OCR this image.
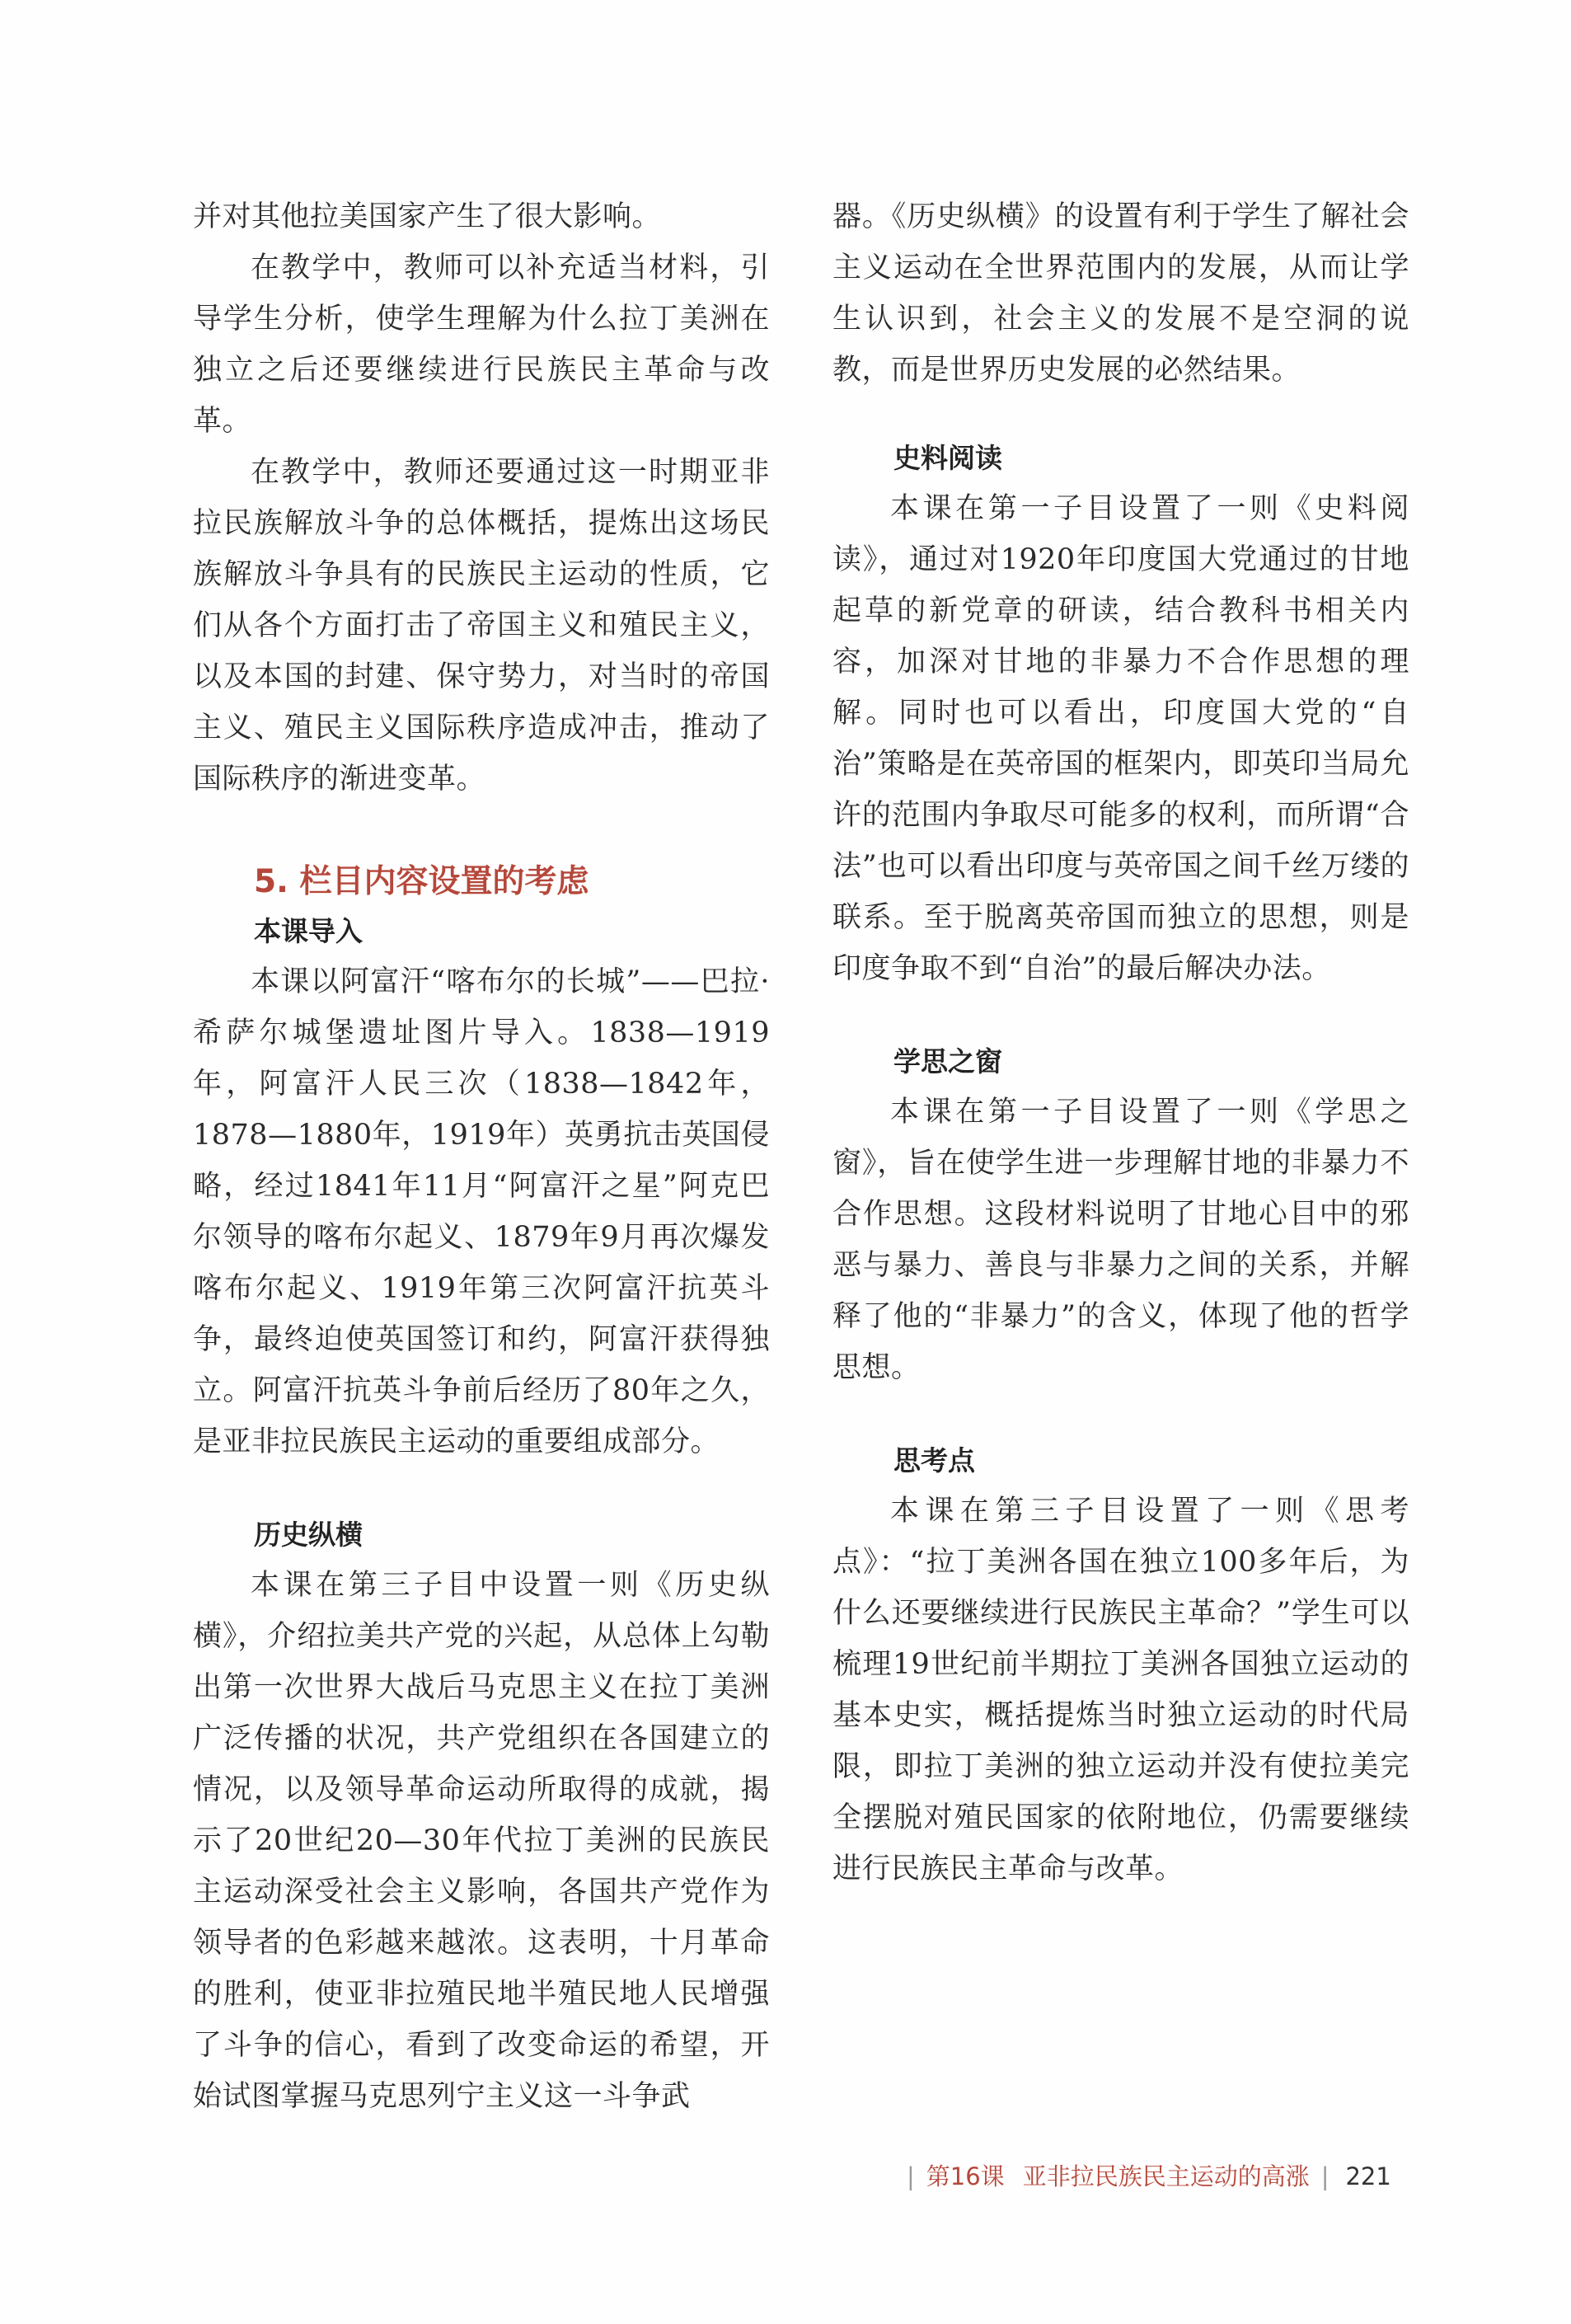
并对其他拉美国家产生了很大影响。

在教学中，教师可以补充适当材料，引导学生分析，使学生理解为什么拉丁美洲在独立之后还要继续进行民族民主革命与改革。

在教学中，教师还要通过这一时期亚非拉民族解放斗争的总体概括，提炼出这场民族解放斗争具有的民族民主运动的性质，它们从各个方面打击了帝国主义和殖民主义，以及本国的封建、保守势力，对当时的帝国主义、殖民主义国际秩序造成冲击，推动了国际秩序的渐进变革。

5. 栏目内容设置的考虑
本课导入

本课以阿富汗“喀布尔的长城”——巴拉·希萨尔城堡遗址图片导入。1838—1919年，阿富汗人民三次（1838—1842年，1878—1880年，1919年）英勇抗击英国侵略，经过1841年11月“阿富汗之星”阿克巴尔领导的喀布尔起义、1879年9月再次爆发喀布尔起义、1919年第三次阿富汗抗英斗争，最终迫使英国签订和约，阿富汗获得独立。阿富汗抗英斗争前后经历了80年之久，是亚非拉民族民主运动的重要组成部分。

历史纵横

本课在第三子目中设置一则《历史纵横》，介绍拉美共产党的兴起，从总体上勾勒出第一次世界大战后马克思主义在拉丁美洲广泛传播的状况，共产党组织在各国建立的情况，以及领导革命运动所取得的成就，揭示了20世纪20—30年代拉丁美洲的民族民主运动深受社会主义影响，各国共产党作为领导者的色彩越来越浓。这表明，十月革命的胜利，使亚非拉殖民地半殖民地人民增强了斗争的信心，看到了改变命运的希望，开始试图掌握马克思列宁主义这一斗争武

器。《历史纵横》的设置有利于学生了解社会主义运动在全世界范围内的发展，从而让学生认识到，社会主义的发展不是空洞的说教，而是世界历史发展的必然结果。

史料阅读

本课在第一子目设置了一则《史料阅读》，通过对1920年印度国大党通过的甘地起草的新党章的研读，结合教科书相关内容，加深对甘地的非暴力不合作思想的理解。同时也可以看出，印度国大党的“自治”策略是在英帝国的框架内，即英印当局允许的范围内争取尽可能多的权利，而所谓“合法”也可以看出印度与英帝国之间千丝万缕的联系。至于脱离英帝国而独立的思想，则是印度争取不到“自治”的最后解决办法。

学思之窗

本课在第一子目设置了一则《学思之窗》，旨在使学生进一步理解甘地的非暴力不合作思想。这段材料说明了甘地心目中的邪恶与暴力、善良与非暴力之间的关系，并解释了他的“非暴力”的含义，体现了他的哲学思想。

思考点

本课在第三子目设置了一则《思考点》：“拉丁美洲各国在独立100多年后，为什么还要继续进行民族民主革命？”学生可以梳理19世纪前半期拉丁美洲各国独立运动的基本史实，概括提炼当时独立运动的时代局限，即拉丁美洲的独立运动并没有使拉美完全摆脱对殖民国家的依附地位，仍需要继续进行民族民主革命与改革。

| 第16课 亚非拉民族民主运动的高涨 | 221
